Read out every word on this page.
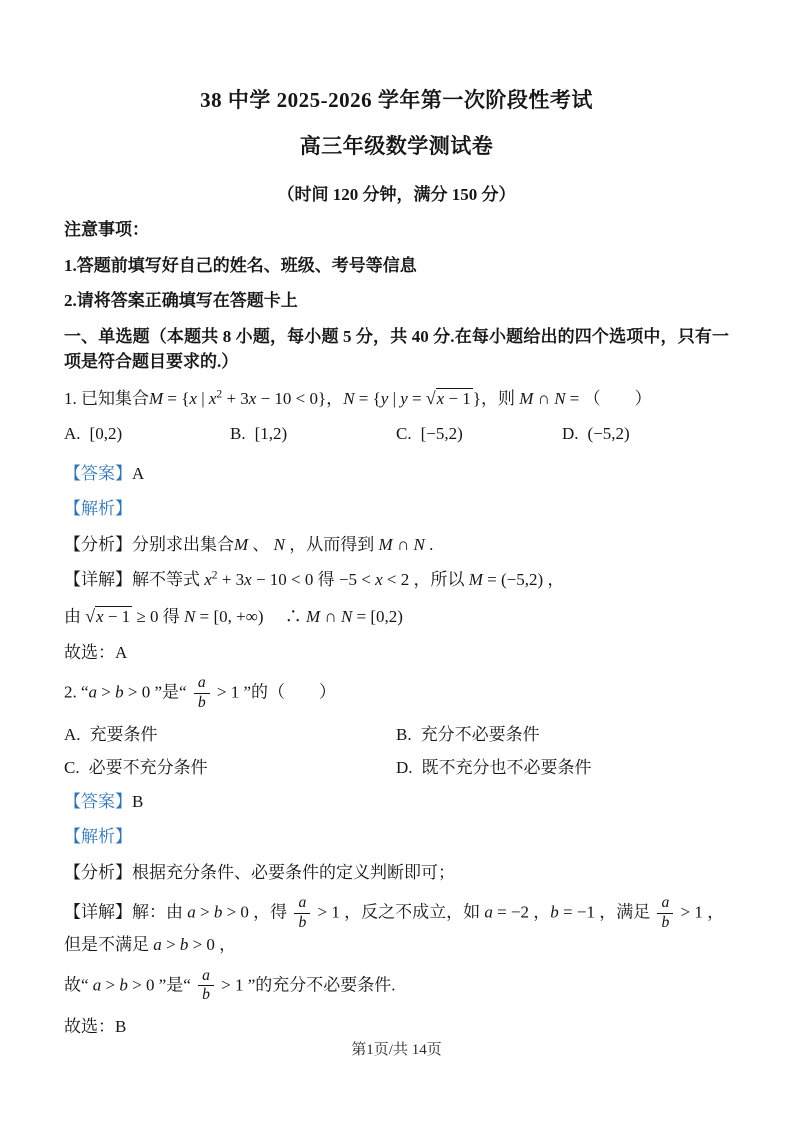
38 中学 2025-2026 学年第一次阶段性考试
高三年级数学测试卷

（时间 120 分钟，满分 150 分）

注意事项：

1.答题前填写好自己的姓名、班级、考号等信息

2.请将答案正确填写在答题卡上

一、单选题（本题共 8 小题，每小题 5 分，共 40 分.在每小题给出的四个选项中，只有一项是符合题目要求的.）

1. 已知集合M = {x | $x^2 + 3x - 10 < 0$}，N = {y | y = √x − 1 }，则 M ∩ N = （　　）

A. [0,2)	B. [1,2)	C. [−5,2)	D. (−5,2)

【答案】A

【解析】

【分析】分别求出集合M 、 N ，从而得到 M ∩ N .

【详解】解不等式 $x^2 + 3x - 10 < 0$ 得 −5 < x < 2 ，所以 M = (−5,2) ，

由 √x − 1 ≥ 0 得 N = [0, +∞)　 ∴ M ∩ N = [0,2)

故选：A

2. “a > b > 0 ”是“ $\frac{a}{b} > 1$ ”的（　　）

A. 充要条件	B. 充分不必要条件
C. 必要不充分条件	D. 既不充分也不必要条件

【答案】B

【解析】

【分析】根据充分条件、必要条件的定义判断即可；

【详解】解：由 a > b > 0 ，得 $\frac{a}{b} > 1$ ，反之不成立，如 a = −2 ，b = −1 ，满足 $\frac{a}{b} > 1$ ，但是不满足 a > b > 0 ，

故“ a > b > 0 ”是“ $\frac{a}{b} > 1$ ”的充分不必要条件.

故选：B

第1页/共 14页
